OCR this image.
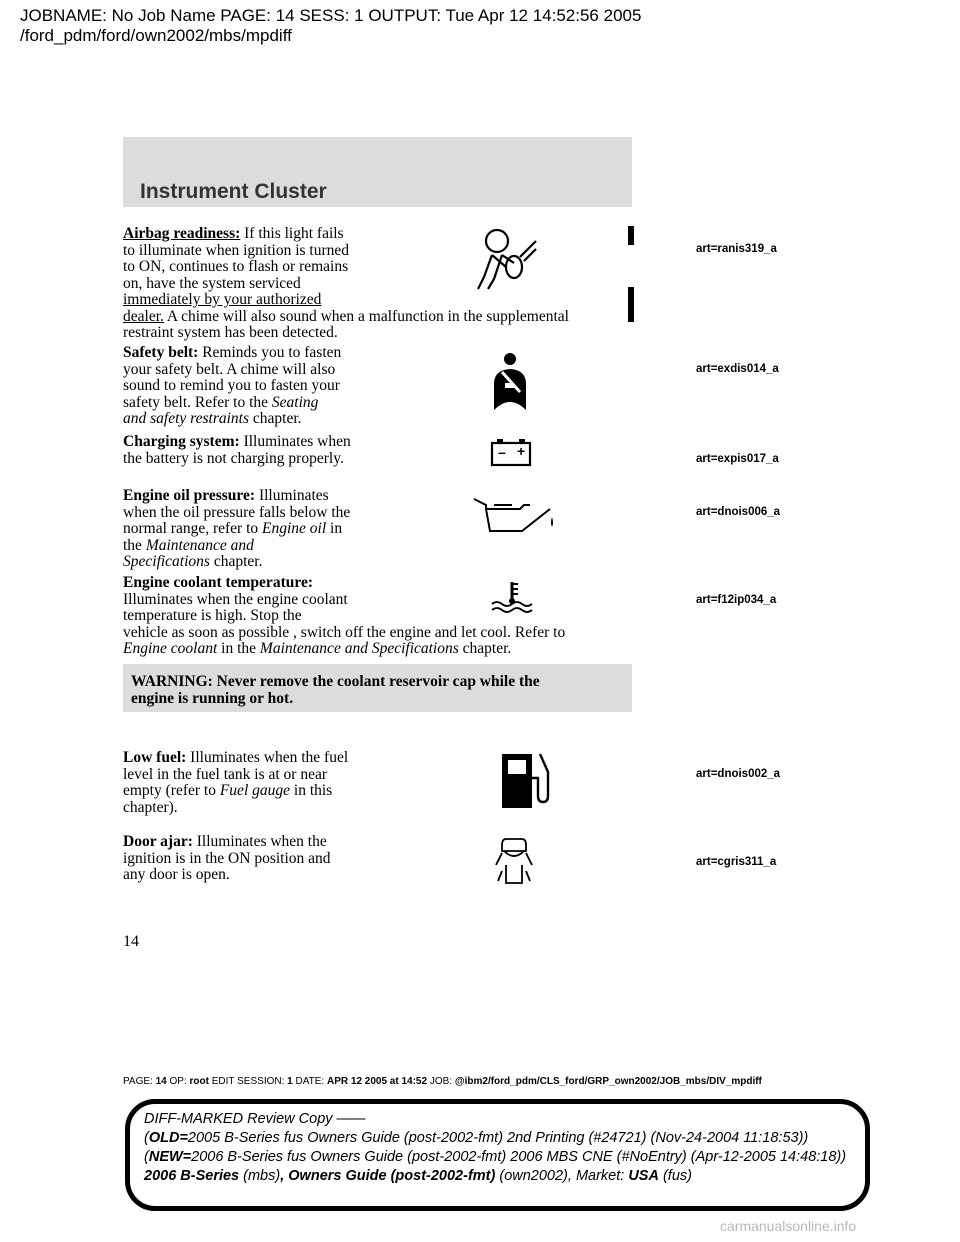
JOBNAME: No Job Name PAGE: 14 SESS: 1 OUTPUT: Tue Apr 12 14:52:56 2005
/ford_pdm/ford/own2002/mbs/mpdiff
Instrument Cluster
Airbag readiness: If this light fails
to illuminate when ignition is turned
to ON, continues to flash or remains
on, have the system serviced
immediately by your authorized
dealer. A chime will also sound when a malfunction in the supplemental
restraint system has been detected.
art=ranis319_a
Safety belt: Reminds you to fasten
your safety belt. A chime will also
sound to remind you to fasten your
safety belt. Refer to the Seating
and safety restraints chapter.
art=exdis014_a
Charging system: Illuminates when
the battery is not charging properly.	– +	art=expis017_a
Engine oil pressure: Illuminates
when the oil pressure falls below the
normal range, refer to Engine oil in
the Maintenance and
Specifications chapter.
art=dnois006_a
Engine coolant temperature:
Illuminates when the engine coolant
temperature is high. Stop the
vehicle as soon as possible , switch off the engine and let cool. Refer to
Engine coolant in the Maintenance and Specifications chapter.
art=f12ip034_a
WARNING: Never remove the coolant reservoir cap while the
engine is running or hot.
Low fuel: Illuminates when the fuel
level in the fuel tank is at or near
empty (refer to Fuel gauge in this
chapter).
art=dnois002_a
Door ajar: Illuminates when the
ignition is in the ON position and
any door is open.
art=cgris311_a
14
PAGE: 14 OP: root EDIT SESSION: 1 DATE: APR 12 2005 at 14:52 JOB: @ibm2/ford_pdm/CLS_ford/GRP_own2002/JOB_mbs/DIV_mpdiff
DIFF-MARKED Review Copy ——
(OLD=2005 B-Series fus Owners Guide (post-2002-fmt) 2nd Printing (#24721) (Nov-24-2004 11:18:53))
(NEW=2006 B-Series fus Owners Guide (post-2002-fmt) 2006 MBS CNE (#NoEntry) (Apr-12-2005 14:48:18))
2006 B-Series (mbs), Owners Guide (post-2002-fmt) (own2002), Market: USA (fus)
carmanualsonline.info
